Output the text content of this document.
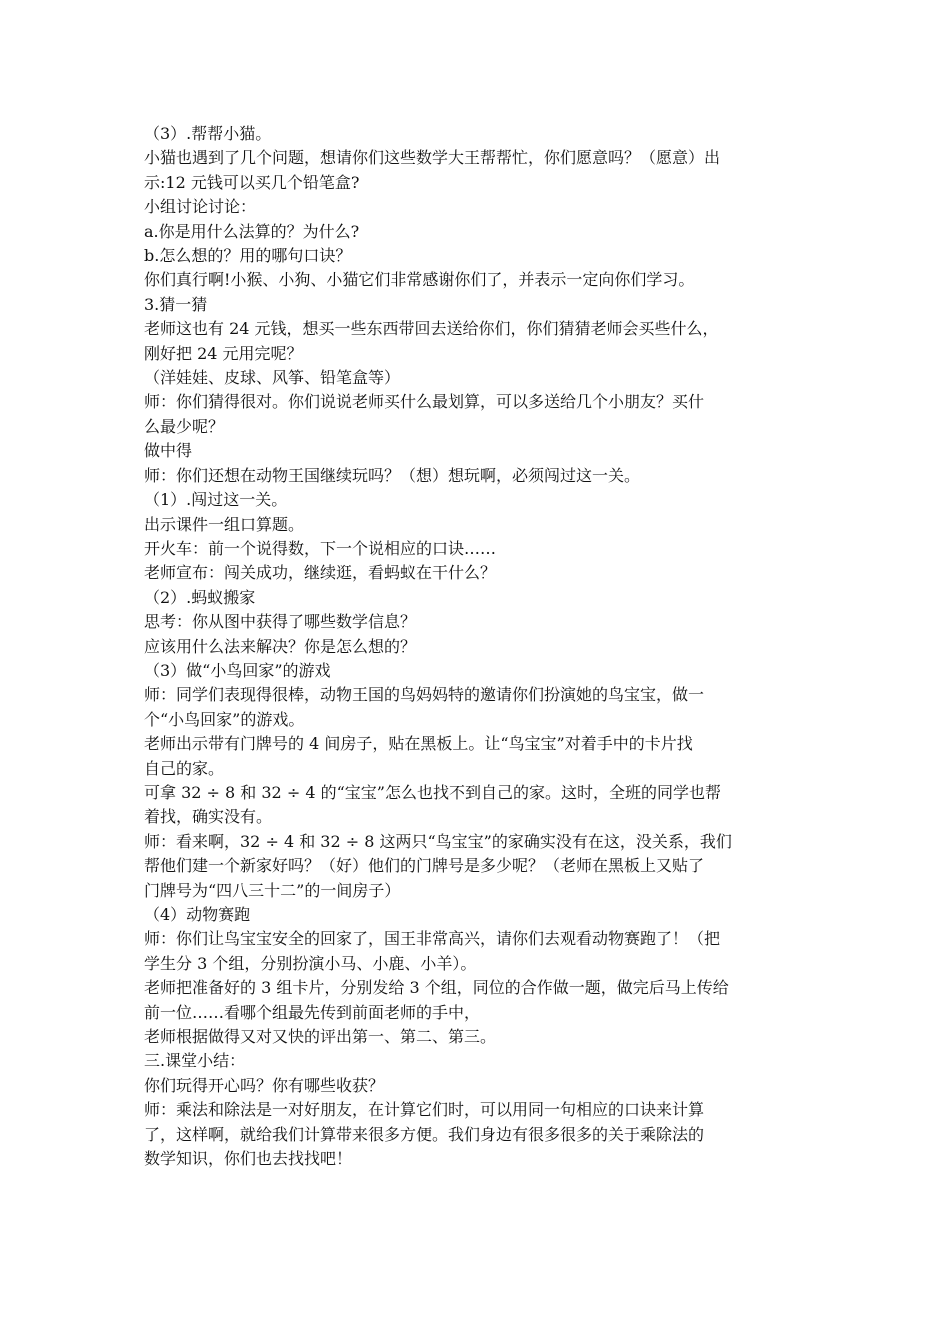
（3）.帮帮小猫。
小猫也遇到了几个问题，想请你们这些数学大王帮帮忙，你们愿意吗？（愿意）出
示:12 元钱可以买几个铅笔盒?
小组讨论讨论：
a.你是用什么法算的？为什么?
b.怎么想的？用的哪句口诀？
你们真行啊!小猴、小狗、小猫它们非常感谢你们了，并表示一定向你们学习。
3.猜一猜
老师这也有 24 元钱，想买一些东西带回去送给你们，你们猜猜老师会买些什么，
刚好把 24 元用完呢？
（洋娃娃、皮球、风筝、铅笔盒等）
师：你们猜得很对。你们说说老师买什么最划算，可以多送给几个小朋友？买什
么最少呢？
做中得
师：你们还想在动物王国继续玩吗？（想）想玩啊，必须闯过这一关。
（1）.闯过这一关。
出示课件一组口算题。
开火车：前一个说得数，下一个说相应的口诀……
老师宣布：闯关成功，继续逛，看蚂蚁在干什么？
（2）.蚂蚁搬家
思考：你从图中获得了哪些数学信息？
应该用什么法来解决？你是怎么想的？
（3）做“小鸟回家”的游戏
师：同学们表现得很棒，动物王国的鸟妈妈特的邀请你们扮演她的鸟宝宝，做一
个“小鸟回家”的游戏。
老师出示带有门牌号的 4 间房子，贴在黑板上。让“鸟宝宝”对着手中的卡片找
自己的家。
可拿 32 ÷ 8 和 32 ÷ 4 的“宝宝”怎么也找不到自己的家。这时，全班的同学也帮
着找，确实没有。
师：看来啊，32 ÷ 4 和 32 ÷ 8 这两只“鸟宝宝”的家确实没有在这，没关系，我们
帮他们建一个新家好吗？（好）他们的门牌号是多少呢？（老师在黑板上又贴了
门牌号为“四八三十二”的一间房子）
（4）动物赛跑
师：你们让鸟宝宝安全的回家了，国王非常高兴，请你们去观看动物赛跑了！（把
学生分 3 个组，分别扮演小马、小鹿、小羊）。
老师把准备好的 3 组卡片，分别发给 3 个组，同位的合作做一题，做完后马上传给
前一位……看哪个组最先传到前面老师的手中，
老师根据做得又对又快的评出第一、第二、第三。
三.课堂小结：
你们玩得开心吗？你有哪些收获？
师：乘法和除法是一对好朋友，在计算它们时，可以用同一句相应的口诀来计算
了，这样啊，就给我们计算带来很多方便。我们身边有很多很多的关于乘除法的
数学知识，你们也去找找吧！
